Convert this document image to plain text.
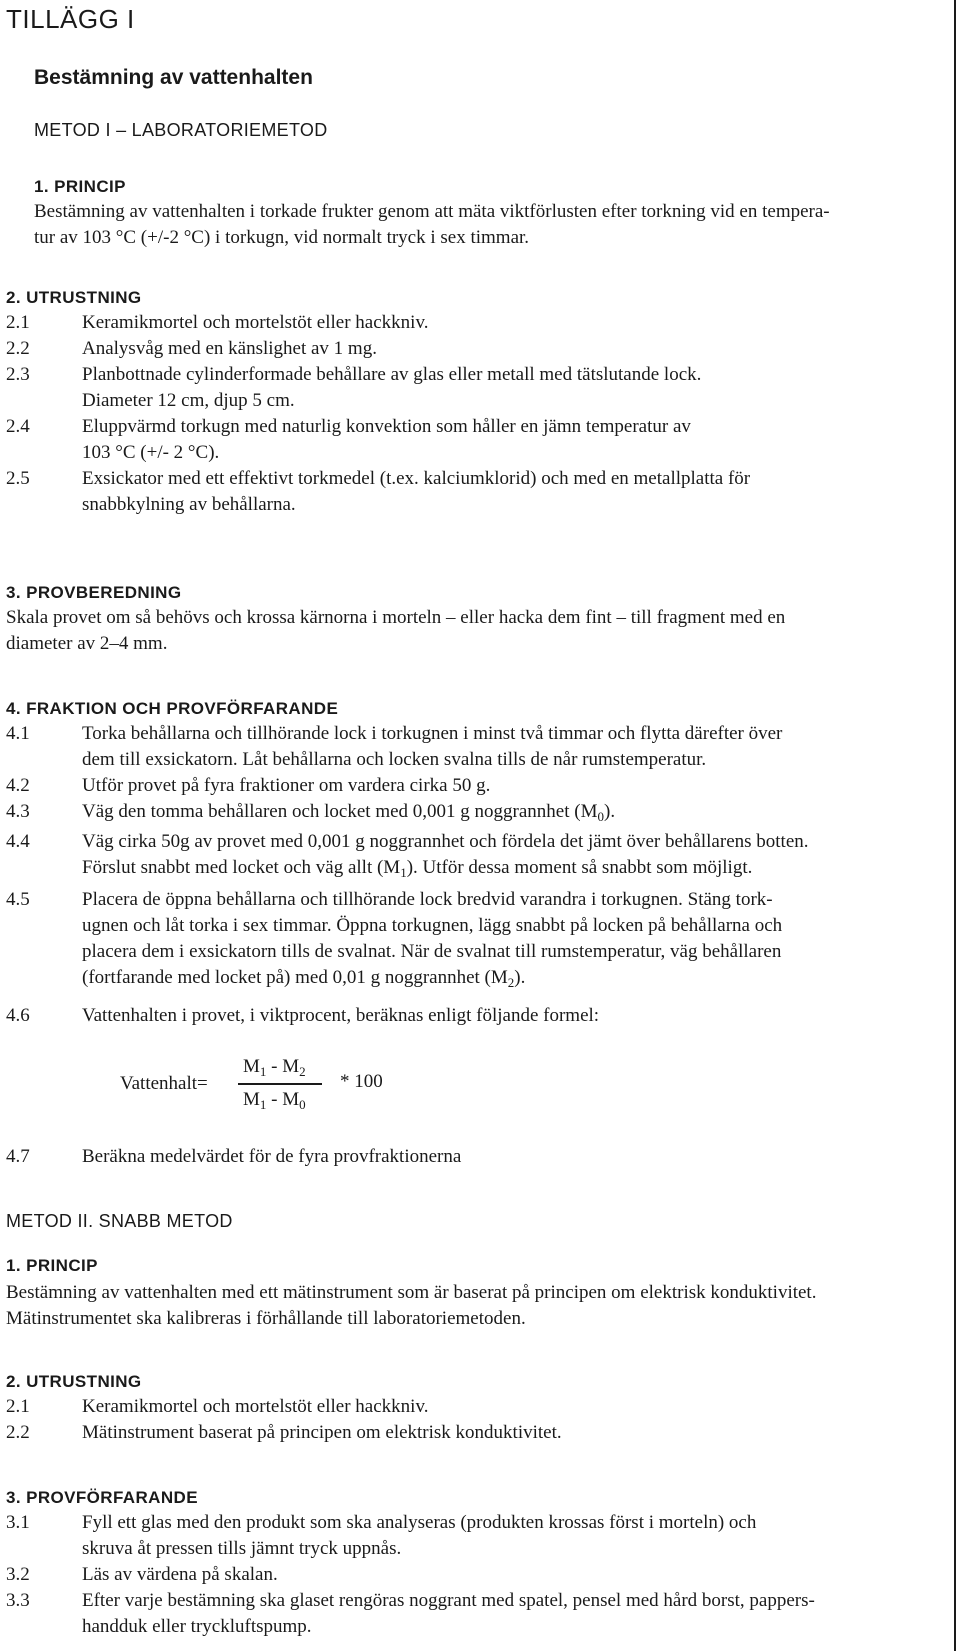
TILLÄGG I
Bestämning av vattenhalten
METOD I – LABORATORIEMETOD
1. PRINCIP
Bestämning av vattenhalten i torkade frukter genom att mäta viktförlusten efter torkning vid en tempera-
tur av 103 °C (+/-2 °C) i torkugn, vid normalt tryck i sex timmar.
2. UTRUSTNING
2.1	Keramikmortel och mortelstöt eller hackkniv.
2.2	Analysvåg med en känslighet av 1 mg.
2.3	Planbottnade cylinderformade behållare av glas eller metall med tätslutande lock.
Diameter 12 cm, djup 5 cm.
2.4	Eluppvärmd torkugn med naturlig konvektion som håller en jämn temperatur av
103 °C (+/- 2 °C).
2.5	Exsickator med ett effektivt torkmedel (t.ex. kalciumklorid) och med en metallplatta för
snabbkylning av behållarna.
3. PROVBEREDNING
Skala provet om så behövs och krossa kärnorna i morteln – eller hacka dem fint – till fragment med en
diameter av 2–4 mm.
4. FRAKTION OCH PROVFÖRFARANDE
4.1	Torka behållarna och tillhörande lock i torkugnen i minst två timmar och flytta därefter över
dem till exsickatorn. Låt behållarna och locken svalna tills de når rumstemperatur.
4.2	Utför provet på fyra fraktioner om vardera cirka 50 g.
4.3	Väg den tomma behållaren och locket med 0,001 g noggrannhet $(M_0)$.
4.4	Väg cirka 50g av provet med 0,001 g noggrannhet och fördela det jämt över behållarens botten.
Förslut snabbt med locket och väg allt $(M_1)$. Utför dessa moment så snabbt som möjligt.
4.5	Placera de öppna behållarna och tillhörande lock bredvid varandra i torkugnen. Stäng tork-
ugnen och låt torka i sex timmar. Öppna torkugnen, lägg snabbt på locken på behållarna och
placera dem i exsickatorn tills de svalnat. När de svalnat till rumstemperatur, väg behållaren
(fortfarande med locket på) med 0,01 g noggrannhet $(M_2)$.
4.6	Vattenhalten i provet, i viktprocent, beräknas enligt följande formel:
Vattenhalt=
$M_1 - M_2$
$M_1 - M_0$
* 100
4.7	Beräkna medelvärdet för de fyra provfraktionerna
METOD II. SNABB METOD
1. PRINCIP
Bestämning av vattenhalten med ett mätinstrument som är baserat på principen om elektrisk konduktivitet.
Mätinstrumentet ska kalibreras i förhållande till laboratoriemetoden.
2. UTRUSTNING
2.1	Keramikmortel och mortelstöt eller hackkniv.
2.2	Mätinstrument baserat på principen om elektrisk konduktivitet.
3. PROVFÖRFARANDE
3.1	Fyll ett glas med den produkt som ska analyseras (produkten krossas först i morteln) och
skruva åt pressen tills jämnt tryck uppnås.
3.2	Läs av värdena på skalan.
3.3	Efter varje bestämning ska glaset rengöras noggrant med spatel, pensel med hård borst, pappers-
handduk eller tryckluftspump.
